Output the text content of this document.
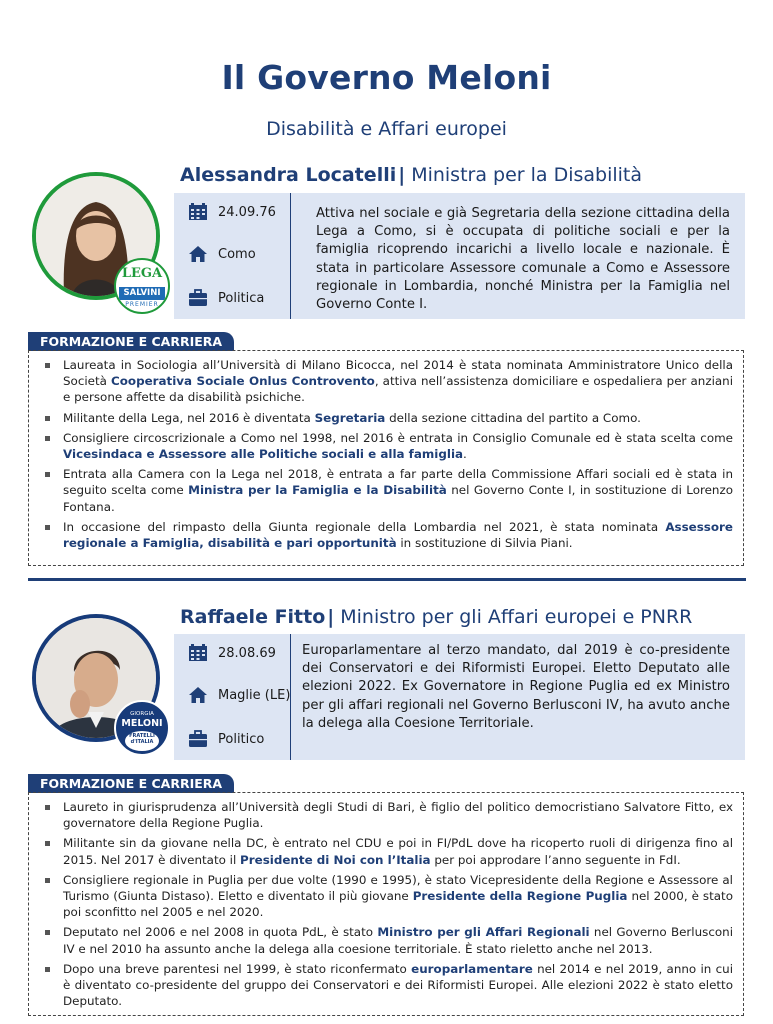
Il Governo Meloni
Disabilità e Affari europei
Alessandra Locatelli | Ministra per la Disabilità
LEGA
SALVINI
PREMIER
24.09.76
Como
Politica
Attiva nel sociale e già Segretaria della sezione cittadina della Lega a Como, si è occupata di politiche sociali e per la famiglia ricoprendo incarichi a livello locale e nazionale. È stata in particolare Assessore comunale a Como e Assessore regionale in Lombardia, nonché Ministra per la Famiglia nel Governo Conte I.
FORMAZIONE E CARRIERA
Laureata in Sociologia all’Università di Milano Bicocca, nel 2014 è stata nominata Amministratore Unico della Società Cooperativa Sociale Onlus Controvento, attiva nell’assistenza domiciliare e ospedaliera per anziani e persone affette da disabilità psichiche.
Militante della Lega, nel 2016 è diventata Segretaria della sezione cittadina del partito a Como.
Consigliere circoscrizionale a Como nel 1998, nel 2016 è entrata in Consiglio Comunale ed è stata scelta come Vicesindaca e Assessore alle Politiche sociali e alla famiglia.
Entrata alla Camera con la Lega nel 2018, è entrata a far parte della Commissione Affari sociali ed è stata in seguito scelta come Ministra per la Famiglia e la Disabilità nel Governo Conte I, in sostituzione di Lorenzo Fontana.
In occasione del rimpasto della Giunta regionale della Lombardia nel 2021, è stata nominata Assessore regionale a Famiglia, disabilità e pari opportunità in sostituzione di Silvia Piani.
Raffaele Fitto | Ministro per gli Affari europei e PNRR
GIORGIA
MELONI
FRATELLI
d'ITALIA
28.08.69
Maglie (LE)
Politico
Europarlamentare al terzo mandato, dal 2019 è co-presidente dei Conservatori e dei Riformisti Europei. Eletto Deputato alle elezioni 2022. Ex Governatore in Regione Puglia ed ex Ministro per gli affari regionali nel Governo Berlusconi IV, ha avuto anche la delega alla Coesione Territoriale.
FORMAZIONE E CARRIERA
Laureto in giurisprudenza all’Università degli Studi di Bari, è figlio del politico democristiano Salvatore Fitto, ex governatore della Regione Puglia.
Militante sin da giovane nella DC, è entrato nel CDU e poi in FI/PdL dove ha ricoperto ruoli di dirigenza fino al 2015. Nel 2017 è diventato il Presidente di Noi con l’Italia per poi approdare l’anno seguente in FdI.
Consigliere regionale in Puglia per due volte (1990 e 1995), è stato Vicepresidente della Regione e Assessore al Turismo (Giunta Distaso). Eletto e diventato il più giovane Presidente della Regione Puglia nel 2000, è stato poi sconfitto nel 2005 e nel 2020.
Deputato nel 2006 e nel 2008 in quota PdL, è stato Ministro per gli Affari Regionali nel Governo Berlusconi IV e nel 2010 ha assunto anche la delega alla coesione territoriale. È stato rieletto anche nel 2013.
Dopo una breve parentesi nel 1999, è stato riconfermato europarlamentare nel 2014 e nel 2019, anno in cui è diventato co-presidente del gruppo dei Conservatori e dei Riformisti Europei. Alle elezioni 2022 è stato eletto Deputato.
